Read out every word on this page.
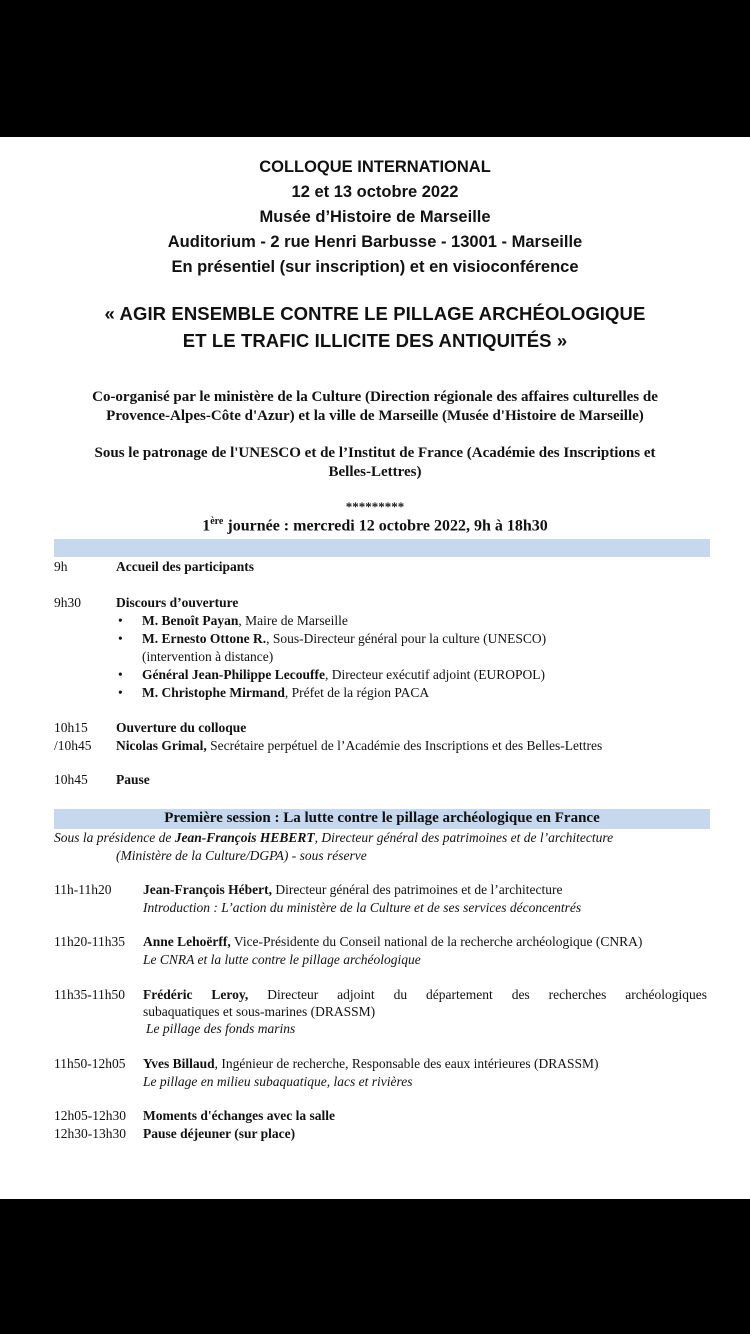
COLLOQUE INTERNATIONAL
12 et 13 octobre 2022
Musée d’Histoire de Marseille
Auditorium - 2 rue Henri Barbusse - 13001 - Marseille
En présentiel (sur inscription) et en visioconférence
« AGIR ENSEMBLE CONTRE LE PILLAGE ARCHÉOLOGIQUE
ET LE TRAFIC ILLICITE DES ANTIQUITÉS »
Co-organisé par le ministère de la Culture (Direction régionale des affaires culturelles de
Provence-Alpes-Côte d'Azur) et la ville de Marseille (Musée d'Histoire de Marseille)
Sous le patronage de l'UNESCO et de l’Institut de France (Académie des Inscriptions et
Belles-Lettres)
*********
1ère journée : mercredi 12 octobre 2022, 9h à 18h30
9h	Accueil des participants
9h30	Discours d’ouverture
• M. Benoît Payan, Maire de Marseille
• M. Ernesto Ottone R., Sous-Directeur général pour la culture (UNESCO)
(intervention à distance)
• Général Jean-Philippe Lecouffe, Directeur exécutif adjoint (EUROPOL)
• M. Christophe Mirmand, Préfet de la région PACA
10h15 Ouverture du colloque
/10h45 Nicolas Grimal, Secrétaire perpétuel de l’Académie des Inscriptions et des Belles-Lettres
10h45 Pause
Première session : La lutte contre le pillage archéologique en France
Sous la présidence de Jean-François HEBERT, Directeur général des patrimoines et de l’architecture
(Ministère de la Culture/DGPA) - sous réserve
11h-11h20 Jean-François Hébert, Directeur général des patrimoines et de l’architecture
Introduction : L’action du ministère de la Culture et de ses services déconcentrés
11h20-11h35 Anne Lehoërff, Vice-Présidente du Conseil national de la recherche archéologique (CNRA)
Le CNRA et la lutte contre le pillage archéologique
11h35-11h50 Frédéric Leroy, Directeur adjoint du département des recherches archéologiques
subaquatiques et sous-marines (DRASSM)
Le pillage des fonds marins
11h50-12h05 Yves Billaud, Ingénieur de recherche, Responsable des eaux intérieures (DRASSM)
Le pillage en milieu subaquatique, lacs et rivières
12h05-12h30 Moments d'échanges avec la salle
12h30-13h30 Pause déjeuner (sur place)
